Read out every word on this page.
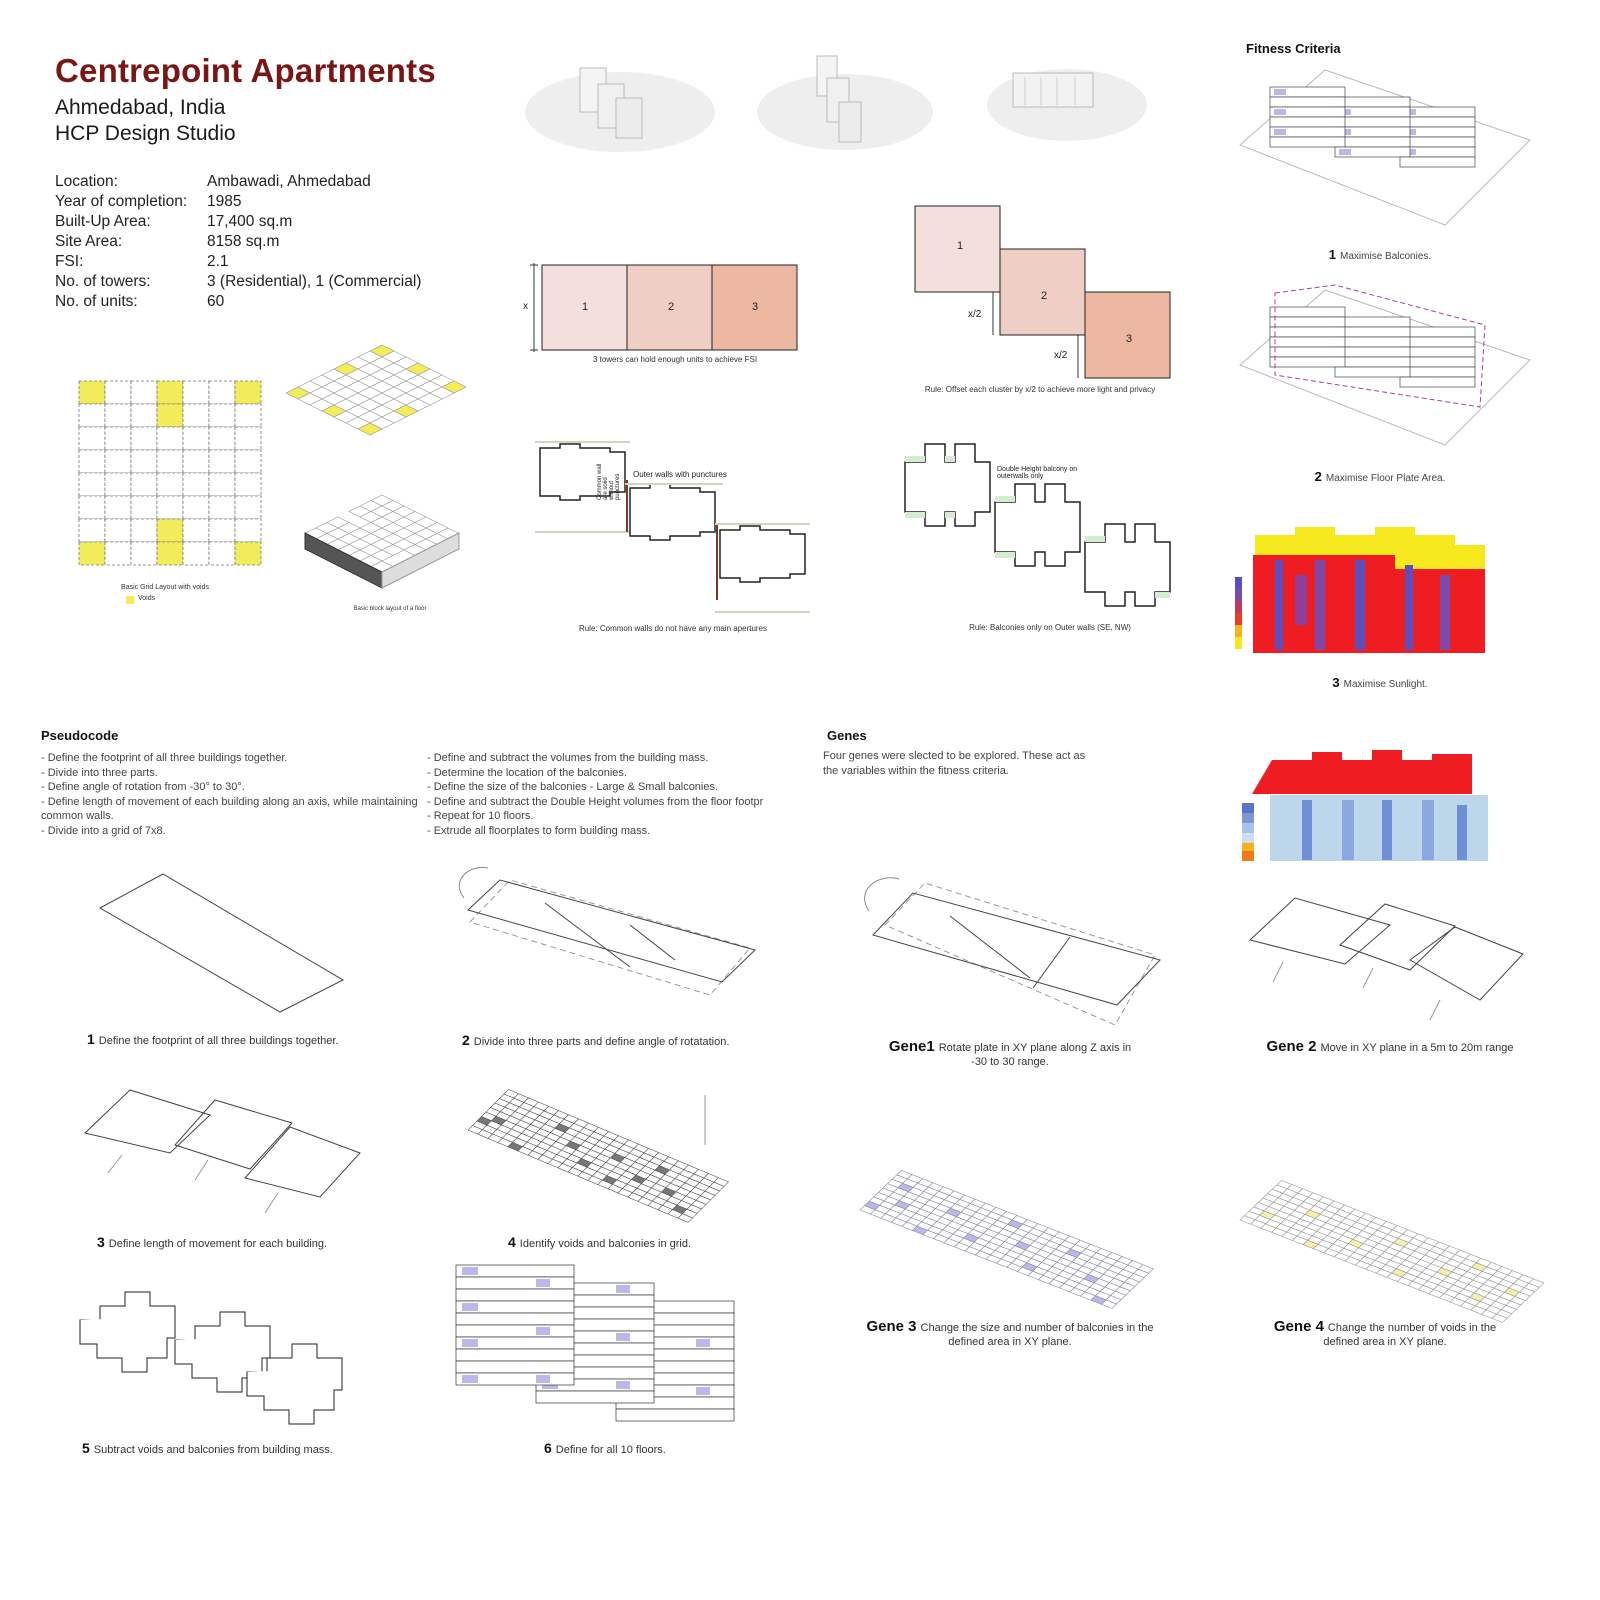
Centrepoint Apartments
Ahmedabad, India
HCP Design Studio
Location:	Ambawadi, Ahmedabad
Year of completion:	1985
Built-Up Area:	17,400 sq.m
Site Area:	8158 sq.m
FSI:	2.1
No. of towers:	3 (Residential), 1 (Commercial)
No. of units:	60
Basic Grid Layout with voids
Voids
Basic block layout of a floor
x	1	2	3
3 towers can hold enough units to achieve FSI
1
2
3
x/2
x/2
Rule: Offset each cluster by x/2 to achieve more light and privacy
Common wall are solid without punctures Outer walls with punctures
Rule: Common walls do not have any main apertures
Double Height balcony on outerwalls only
Rule: Balconies only on Outer walls (SE, NW)
Fitness Criteria
1 Maximise Balconies.
2 Maximise Floor Plate Area.
3 Maximise Sunlight.
Pseudocode
- Define the footprint of all three buildings together.
- Divide into three parts.
- Define angle of rotation from -30° to 30°.
- Define length of movement of each building along an axis, while maintaining
common walls.
- Divide into a grid of 7x8.
- Define and subtract the volumes from the building mass.
- Determine the location of the balconies.
- Define the size of the balconies - Large & Small balconies.
- Define and subtract the Double Height volumes from the floor footpr
- Repeat for 10 floors.
- Extrude all floorplates to form building mass.
Genes
Four genes were slected to be explored. These act as
the variables within the fitness criteria.
1 Define the footprint of all three buildings together.	2 Divide into three parts and define angle of rotatation.	Gene1 Rotate plate in XY plane along Z axis in
-30 to 30 range.
Gene 2 Move in XY plane in a 5m to 20m range
3 Define length of movement for each building.	4 Identify voids and balconies in grid.
Gene 3 Change the size and number of balconies in the
defined area in XY plane.
Gene 4 Change the number of voids in the
defined area in XY plane.
5 Subtract voids and balconies from building mass.	6 Define for all 10 floors.
